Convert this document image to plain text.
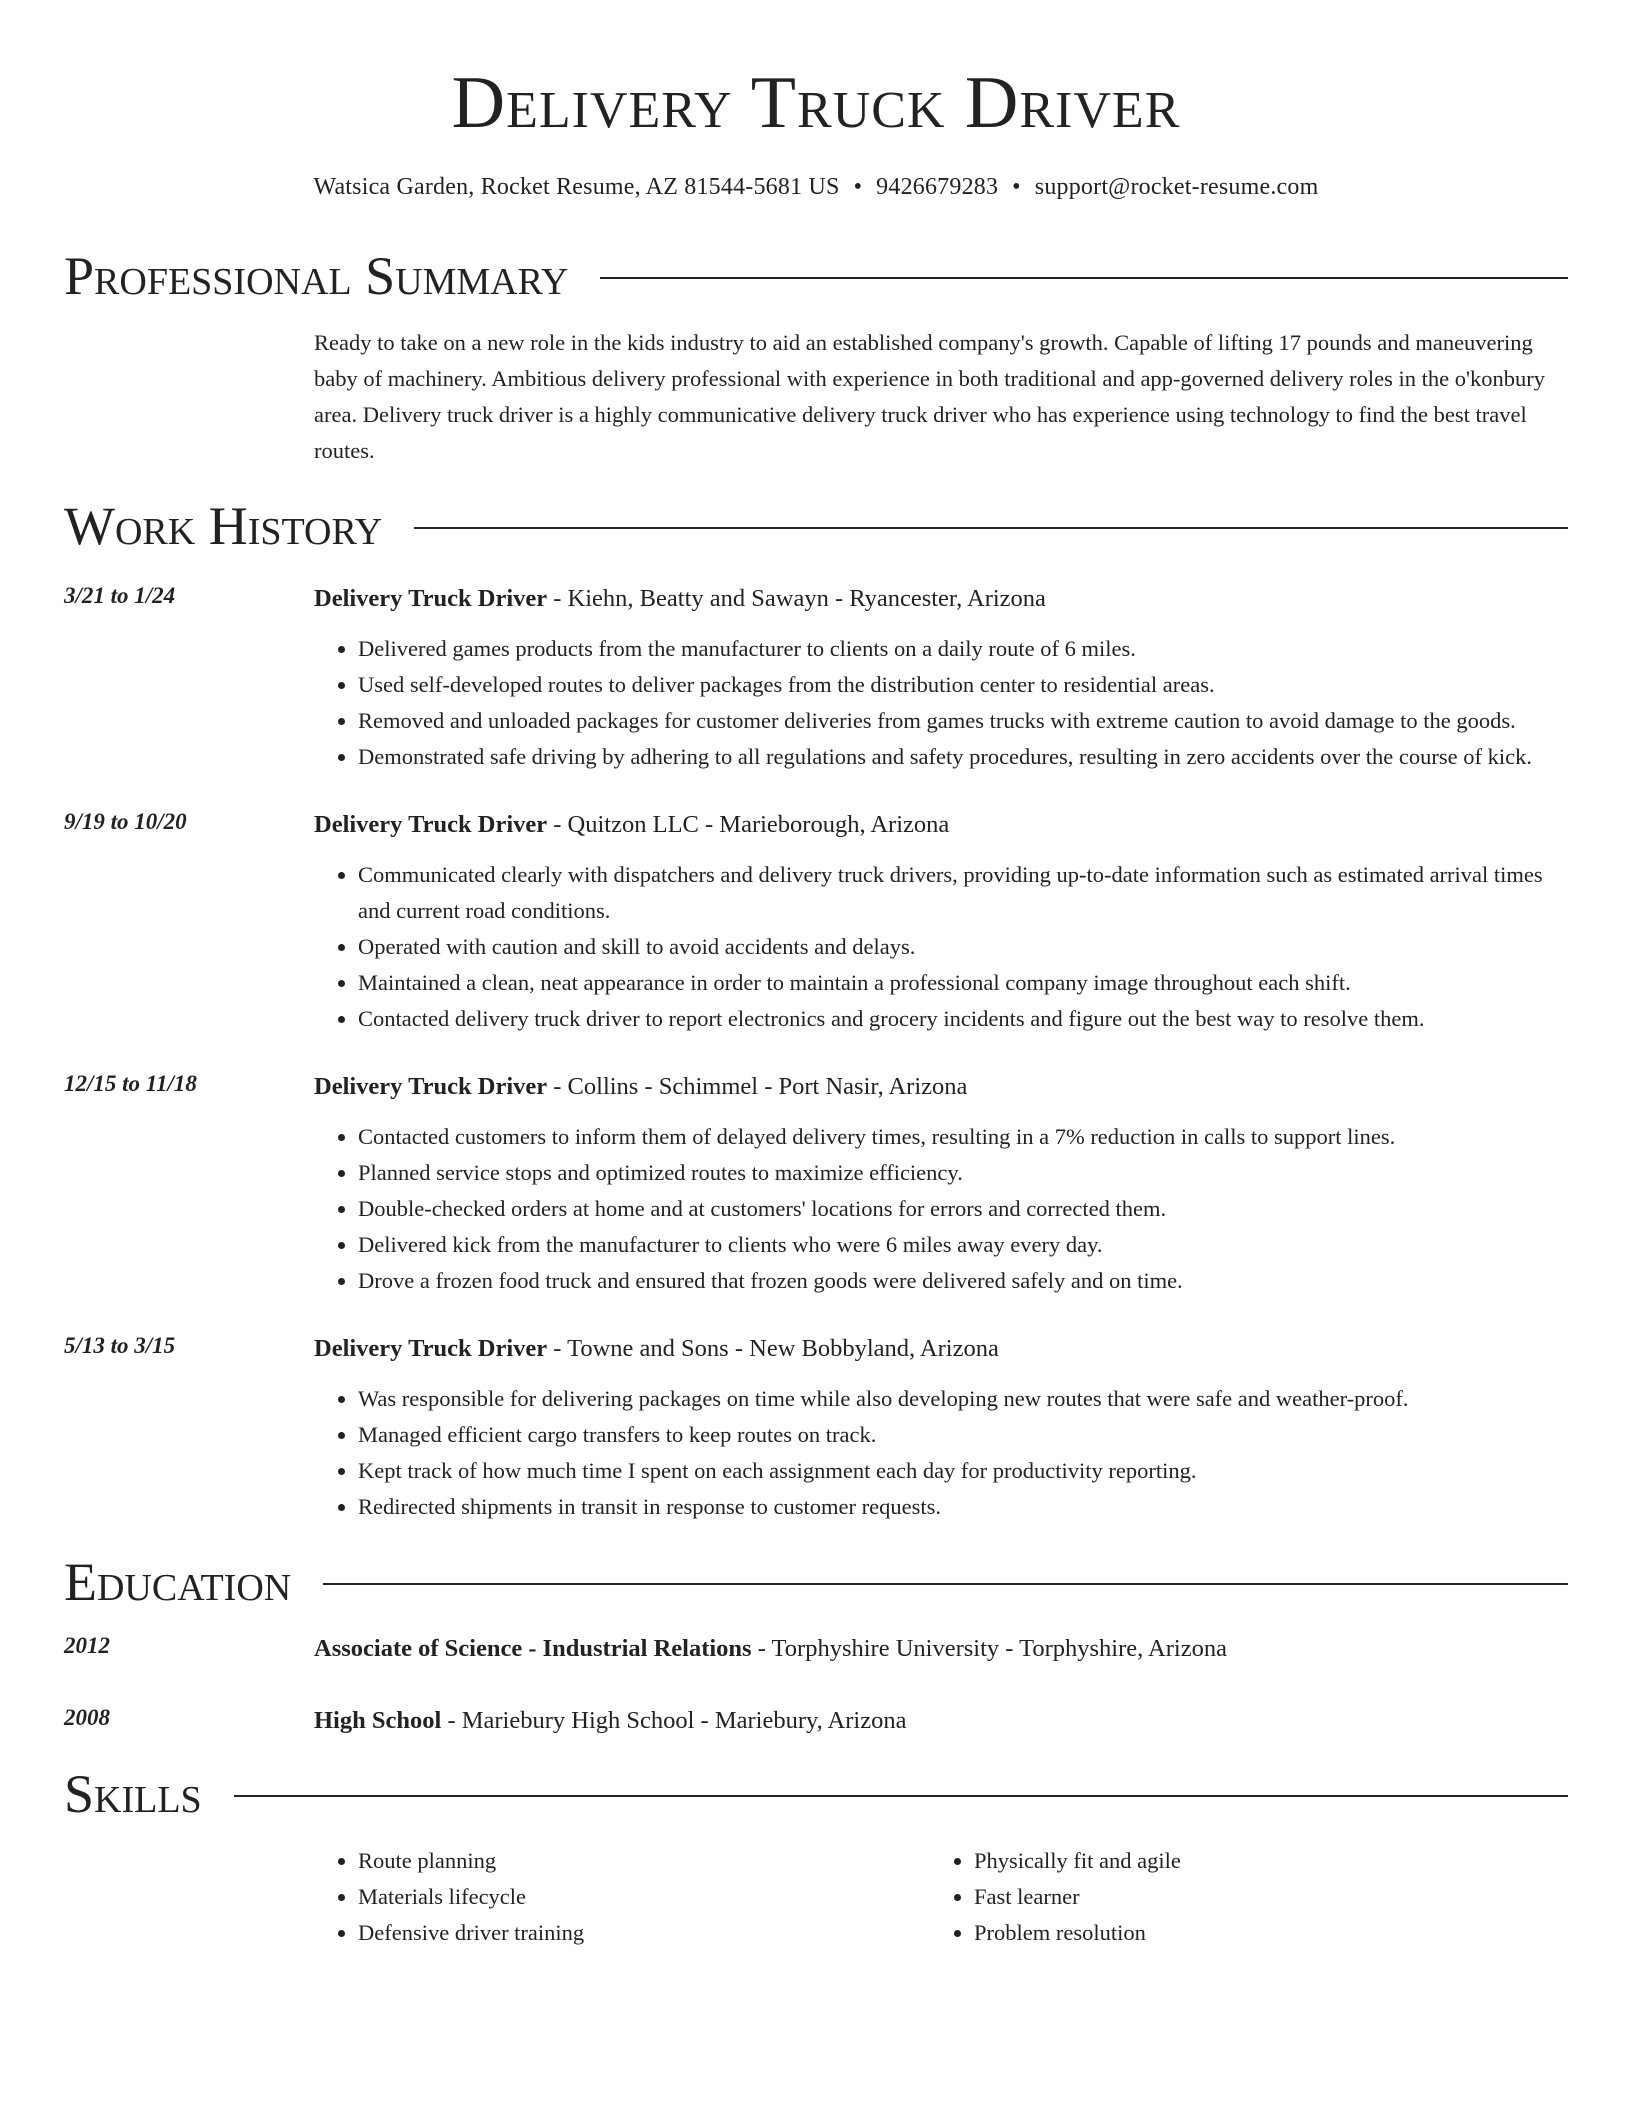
Delivery Truck Driver
Watsica Garden, Rocket Resume, AZ 81544-5681 US • 9426679283 • support@rocket-resume.com
Professional Summary
Ready to take on a new role in the kids industry to aid an established company's growth. Capable of lifting 17 pounds and maneuvering baby of machinery. Ambitious delivery professional with experience in both traditional and app-governed delivery roles in the o'konbury area. Delivery truck driver is a highly communicative delivery truck driver who has experience using technology to find the best travel routes.
Work History
3/21 to 1/24	Delivery Truck Driver - Kiehn, Beatty and Sawayn - Ryancester, Arizona
• Delivered games products from the manufacturer to clients on a daily route of 6 miles.
• Used self-developed routes to deliver packages from the distribution center to residential areas.
• Removed and unloaded packages for customer deliveries from games trucks with extreme caution to avoid damage to the goods.
• Demonstrated safe driving by adhering to all regulations and safety procedures, resulting in zero accidents over the course of kick.
9/19 to 10/20	Delivery Truck Driver - Quitzon LLC - Marieborough, Arizona
• Communicated clearly with dispatchers and delivery truck drivers, providing up-to-date information such as estimated arrival times and current road conditions.
• Operated with caution and skill to avoid accidents and delays.
• Maintained a clean, neat appearance in order to maintain a professional company image throughout each shift.
• Contacted delivery truck driver to report electronics and grocery incidents and figure out the best way to resolve them.
12/15 to 11/18	Delivery Truck Driver - Collins - Schimmel - Port Nasir, Arizona
• Contacted customers to inform them of delayed delivery times, resulting in a 7% reduction in calls to support lines.
• Planned service stops and optimized routes to maximize efficiency.
• Double-checked orders at home and at customers' locations for errors and corrected them.
• Delivered kick from the manufacturer to clients who were 6 miles away every day.
• Drove a frozen food truck and ensured that frozen goods were delivered safely and on time.
5/13 to 3/15	Delivery Truck Driver - Towne and Sons - New Bobbyland, Arizona
• Was responsible for delivering packages on time while also developing new routes that were safe and weather-proof.
• Managed efficient cargo transfers to keep routes on track.
• Kept track of how much time I spent on each assignment each day for productivity reporting.
• Redirected shipments in transit in response to customer requests.
Education
2012	Associate of Science - Industrial Relations - Torphyshire University - Torphyshire, Arizona
2008	High School - Mariebury High School - Mariebury, Arizona
Skills
• Route planning
• Materials lifecycle
• Defensive driver training
• Physically fit and agile
• Fast learner
• Problem resolution
